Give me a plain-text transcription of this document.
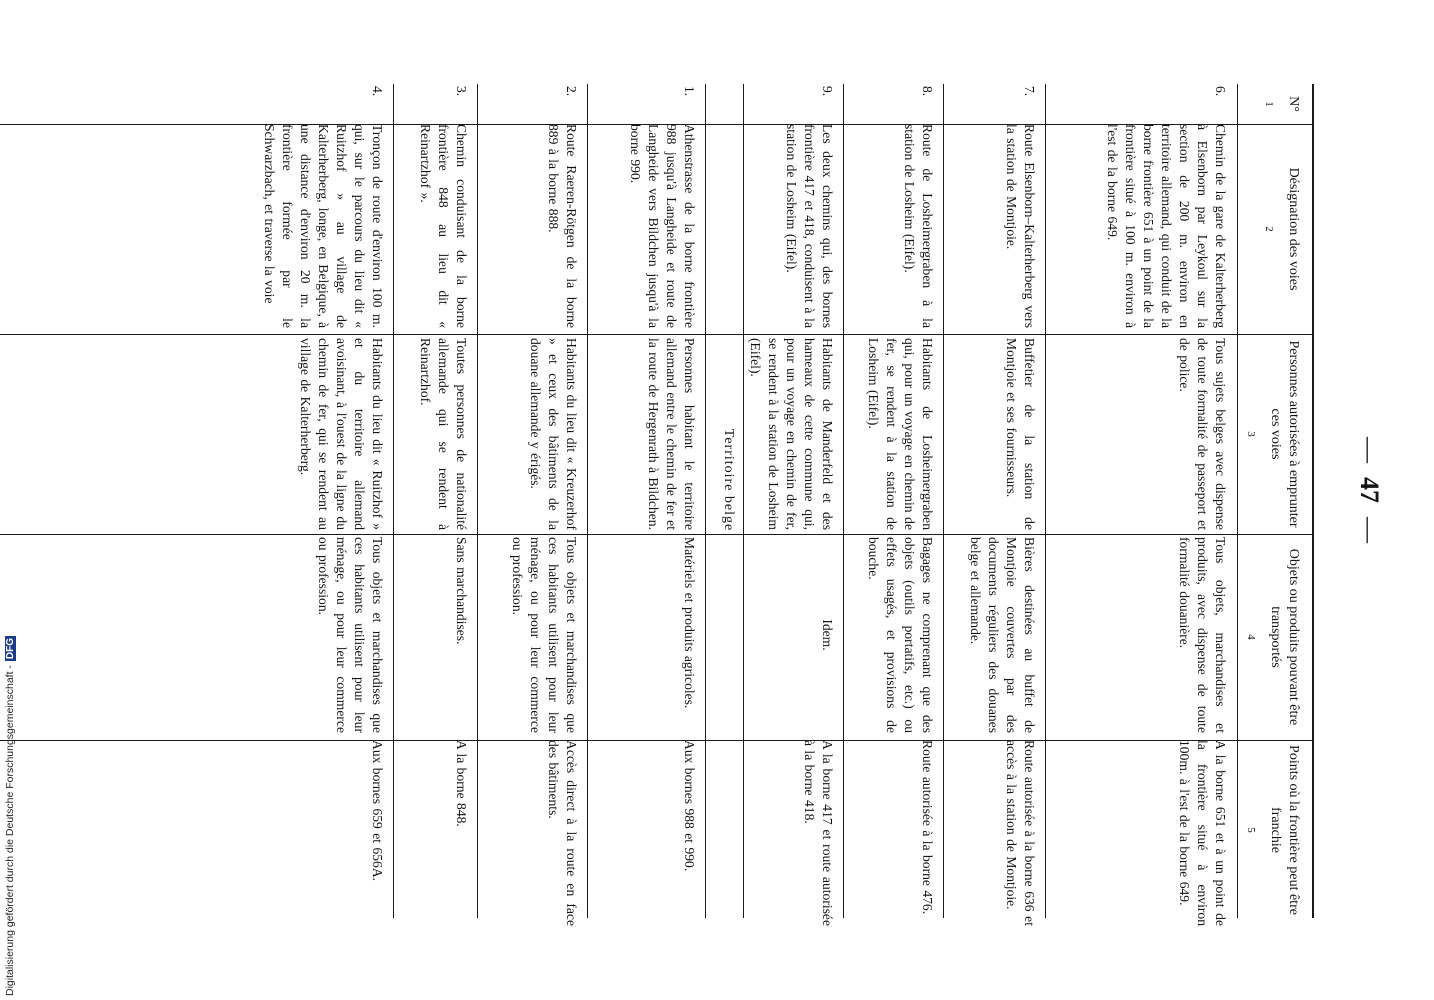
—47—
N°
1
Désignation des voies
2
Personnes autorisées à emprunter ces voies
3
Objets ou produits pouvant être transportés
4
Points où la frontière peut être franchie
5
6.
Chemin de la gare de Kalterherberg à Elsenborn par Leykoul sur la section de 200 m. environ en territoire allemand, qui conduit de la borne frontière 651 à un point de la frontière situé à 100 m. environ à l'est de la borne 649.
Tous sujets belges avec dispense de toute formalité de passeport et de police.
Tous objets, marchandises et produits, avec dispense de toute formalité douanière.
A la borne 651 et à un point de la frontière situé à environ 100m. à l'est de la borne 649.
7.
Route Elsenborn–Kalterherberg vers la station de Montjoie.
Buffetier de la station de Montjoie et ses fournisseurs.
Bières destinées au buffet de Montjoie couvertes par des documents réguliers des douanes belge et allemande.
Route autorisée à la borne 636 et accès à la station de Montjoie.
8.
Route de Losheimergraben à la station de Losheim (Eifel).
Habitants de Losheimergraben qui, pour un voyage en chemin de fer, se rendent à la station de Losheim (Eifel).
Bagages ne comprenant que des objets (outils portatifs, etc.) ou effets usagés, et provisions de bouche.
Route autorisée à la borne 476.
9.
Les deux chemins qui, des bornes frontière 417 et 418, conduisent à la station de Losheim (Eifel).
Habitants de Manderfeld et des hameaux de cette commune qui, pour un voyage en chemin de fer, se rendent à la station de Losheim (Eifel).
Idem.
A la borne 417 et route autorisée à la borne 418.
Territoire belge
1.
Athenstrasse de la borne frontière 988 jusqu'à Langheide et route de Langheide vers Bildchen jusqu'à la borne 990.
Personnes habitant le territoire allemand entre le chemin de fer et la route de Hergenrath à Bildchen.
Matériels et produits agricoles.
Aux bornes 988 et 990.
2.
Route Raeren-Rötgen de la borne 889 à la borne 888.
Habitants du lieu dit « Kreuzerhof » et ceux des bâtiments de la douane allemande y érigés.
Tous objets et marchandises que ces habitants utilisent pour leur ménage, ou pour leur commerce ou profession.
Accès direct à la route en face des bâtiments.
3.
Chemin conduisant de la borne frontière 848 au lieu dit « Reinartzhof ».
Toutes personnes de nationalité allemande qui se rendent à Reinartzhof.
Sans marchandises.
A la borne 848.
4.
Tronçon de route d'environ 100 m. qui, sur le parcours du lieu dit « Ruitzhof » au village de Kalterherberg, longe, en Belgique, à une distance d'environ 20 m. la frontière formée par le Schwarzbach, et traverse la voie
Habitants du lieu dit « Ruitzhof » et du territoire allemand avoisinant, à l'ouest de la ligne du chemin de fer, qui se rendent au village de Kalterherberg.
Tous objets et marchandises que ces habitants utilisent pour leur ménage, ou pour leur commerce ou profession.
Aux bornes 659 et 656A.
Digitalisierung gefördert durch die Deutsche Forschungsgemeinschaft -DFG
